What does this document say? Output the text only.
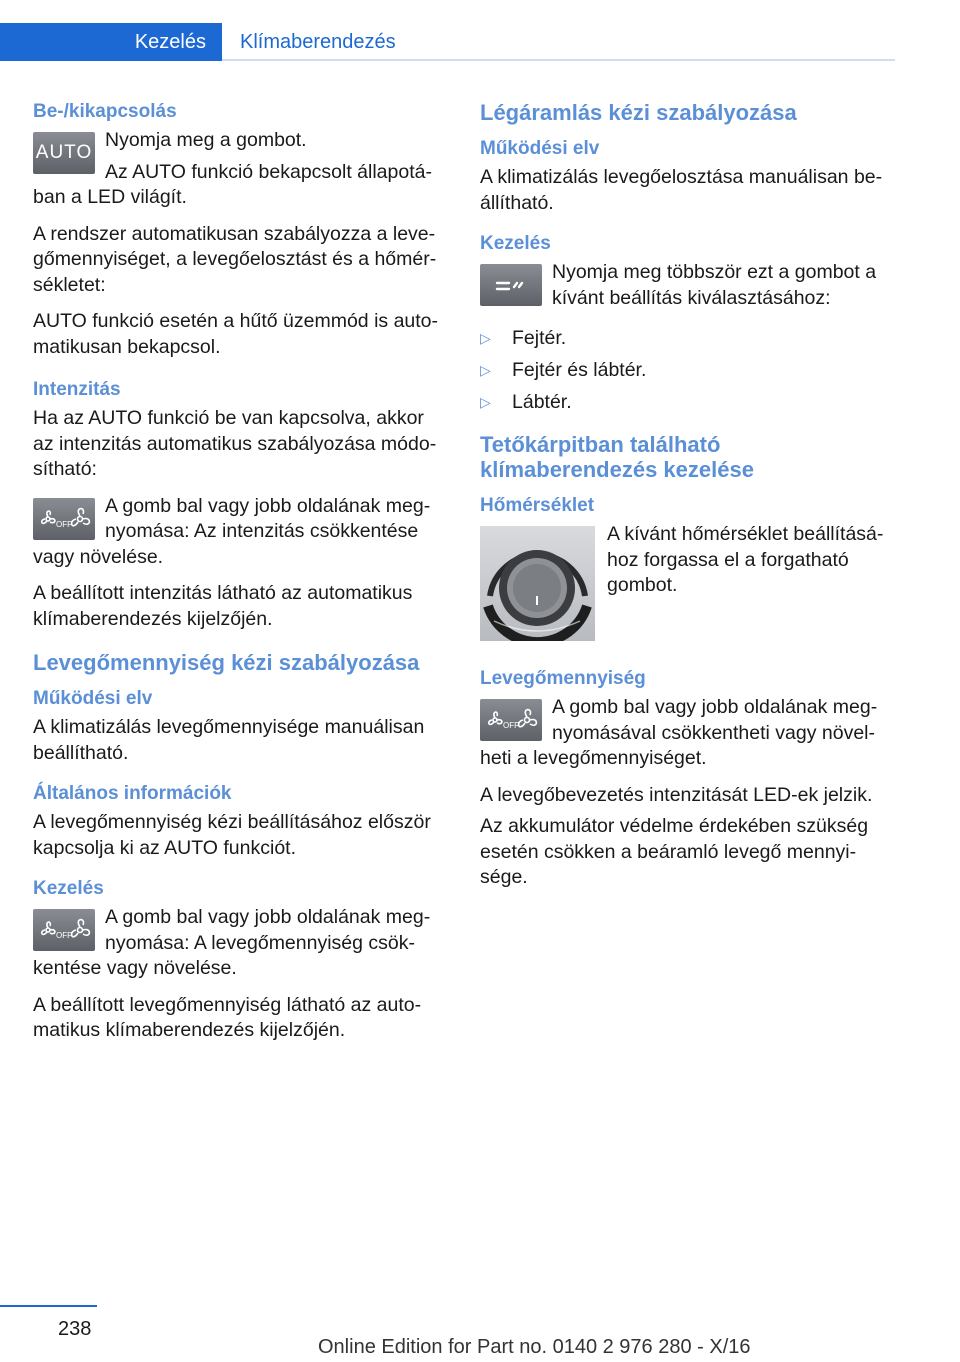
Kezelés	Klímaberendezés
Be-/kikapcsolás
AUTO

Nyomja meg a gombot.

Az AUTO funkció bekapcsolt állapotában a LED világít.

A rendszer automatikusan szabályozza a levegőmennyiséget, a levegőelosztást és a hőmérsékletet:

AUTO funkció esetén a hűtő üzemmód is automatikusan bekapcsol.

Intenzitás

Ha az AUTO funkció be van kapcsolva, akkor az intenzitás automatikus szabályozása módosítható:

OFF

A gomb bal vagy jobb oldalának megnyomása: Az intenzitás csökkentése vagy növelése.

A beállított intenzitás látható az automatikus klímaberendezés kijelzőjén.

Levegőmennyiség kézi szabályozása
Működési elv

A klimatizálás levegőmennyisége manuálisan beállítható.

Általános információk

A levegőmennyiség kézi beállításához először kapcsolja ki az AUTO funkciót.

Kezelés
OFF

A gomb bal vagy jobb oldalának megnyomása: A levegőmennyiség csökkentése vagy növelése.

A beállított levegőmennyiség látható az automatikus klímaberendezés kijelzőjén.

Légáramlás kézi szabályozása
Működési elv

A klimatizálás levegőelosztása manuálisan beállítható.

Kezelés

Nyomja meg többször ezt a gombot a kívánt beállítás kiválasztásához:

▷	Fejtér.
▷	Fejtér és lábtér.
▷	Lábtér.
Tetőkárpitban található klímaberendezés kezelése
Hőmérséklet

A kívánt hőmérséklet beállításához forgassa el a forgatható gombot.

Levegőmennyiség
OFF

A gomb bal vagy jobb oldalának megnyomásával csökkentheti vagy növelheti a levegőmennyiséget.

A levegőbevezetés intenzitását LED-ek jelzik.

Az akkumulátor védelme érdekében szükség esetén csökken a beáramló levegő mennyisége.

238
Online Edition for Part no. 0140 2 976 280 - X/16
